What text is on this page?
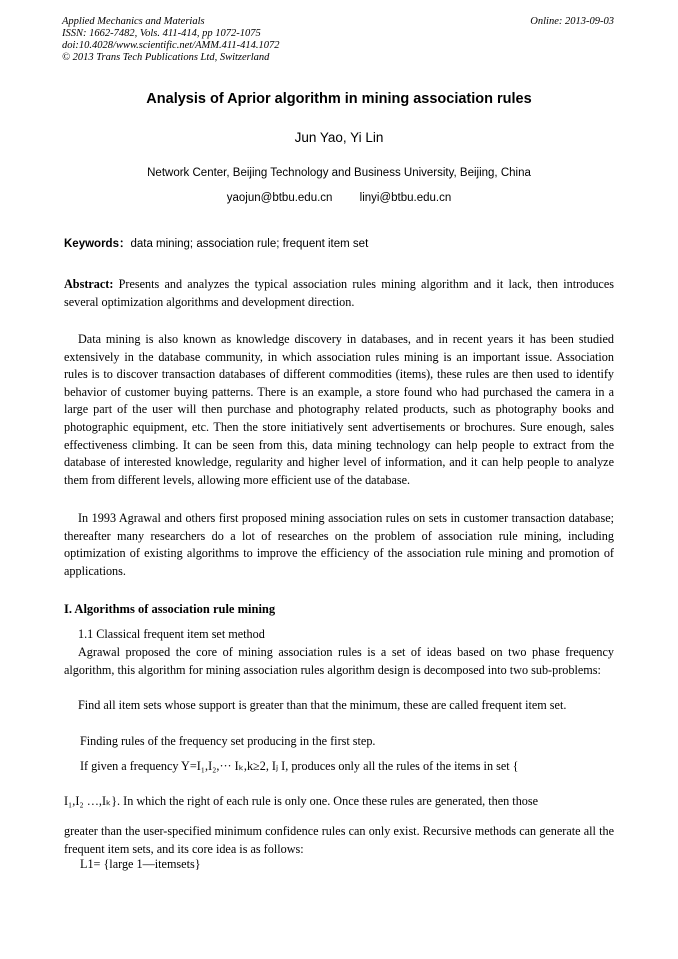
Applied Mechanics and Materials
ISSN: 1662-7482, Vols. 411-414, pp 1072-1075
doi:10.4028/www.scientific.net/AMM.411-414.1072
© 2013 Trans Tech Publications Ltd, Switzerland
Online: 2013-09-03
Analysis of Aprior algorithm in mining association rules
Jun Yao, Yi Lin
Network Center, Beijing Technology and Business University, Beijing, China
yaojun@btbu.edu.cn linyi@btbu.edu.cn
Keywords：data mining; association rule; frequent item set
Abstract: Presents and analyzes the typical association rules mining algorithm and it lack, then introduces several optimization algorithms and development direction.
Data mining is also known as knowledge discovery in databases, and in recent years it has been studied extensively in the database community, in which association rules mining is an important issue. Association rules is to discover transaction databases of different commodities (items), these rules are then used to identify behavior of customer buying patterns. There is an example, a store found who had purchased the camera in a large part of the user will then purchase and photography related products, such as photography books and photographic equipment, etc. Then the store initiatively sent advertisements or brochures. Sure enough, sales effectiveness climbing. It can be seen from this, data mining technology can help people to extract from the database of interested knowledge, regularity and higher level of information, and it can help people to analyze them from different levels, allowing more efficient use of the database.
In 1993 Agrawal and others first proposed mining association rules on sets in customer transaction database; thereafter many researchers do a lot of researches on the problem of association rule mining, including optimization of existing algorithms to improve the efficiency of the association rule mining and promotion of applications.
I. Algorithms of association rule mining
1.1 Classical frequent item set method
Agrawal proposed the core of mining association rules is a set of ideas based on two phase frequency algorithm, this algorithm for mining association rules algorithm design is decomposed into two sub-problems:
Find all item sets whose support is greater than that the minimum, these are called frequent item set.
Finding rules of the frequency set producing in the first step.
If given a frequency Y=I₁,I₂,··· Iₖ,k≥2, Iⱼ I, produces only all the rules of the items in set {
I₁,I₂ …,Iₖ}. In which the right of each rule is only one. Once these rules are generated, then those
greater than the user-specified minimum confidence rules can only exist. Recursive methods can generate all the frequent item sets, and its core idea is as follows:
L1= {large 1—itemsets}
